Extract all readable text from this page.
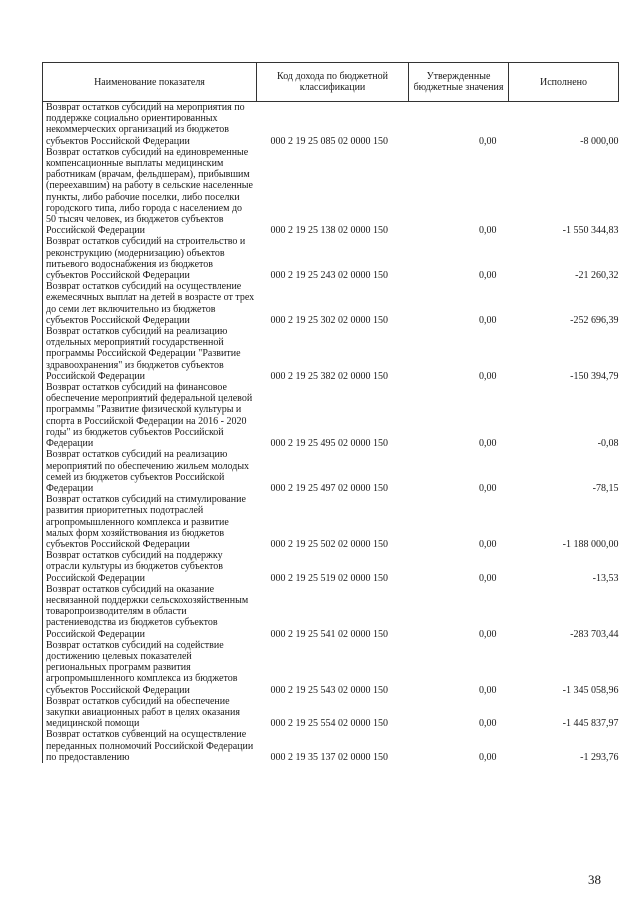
Наименование показателя	Код дохода по бюджетной классификации	Утвержденные бюджетные значения	Исполнено
Возврат остатков субсидий на мероприятия по поддержке социально ориентированных некоммерческих организаций из бюджетов субъектов Российской Федерации	000 2 19 25 085 02 0000 150	0,00	-8 000,00
Возврат остатков субсидий на единовременные компенсационные выплаты медицинским работникам (врачам, фельдшерам), прибывшим (переехавшим) на работу в сельские населенные пункты, либо рабочие поселки, либо поселки городского типа, либо города с населением до 50 тысяч человек, из бюджетов субъектов Российской Федерации	000 2 19 25 138 02 0000 150	0,00	-1 550 344,83
Возврат остатков субсидий на строительство и реконструкцию (модернизацию) объектов питьевого водоснабжения из бюджетов субъектов Российской Федерации	000 2 19 25 243 02 0000 150	0,00	-21 260,32
Возврат остатков субсидий на осуществление ежемесячных выплат на детей в возрасте от трех до семи лет включительно из бюджетов субъектов Российской Федерации	000 2 19 25 302 02 0000 150	0,00	-252 696,39
Возврат остатков субсидий на реализацию отдельных мероприятий государственной программы Российской Федерации "Развитие здравоохранения" из бюджетов субъектов Российской Федерации	000 2 19 25 382 02 0000 150	0,00	-150 394,79
Возврат остатков субсидий на финансовое обеспечение мероприятий федеральной целевой программы "Развитие физической культуры и спорта в Российской Федерации на 2016 - 2020 годы" из бюджетов субъектов Российской Федерации	000 2 19 25 495 02 0000 150	0,00	-0,08
Возврат остатков субсидий на реализацию мероприятий по обеспечению жильем молодых семей из бюджетов субъектов Российской Федерации	000 2 19 25 497 02 0000 150	0,00	-78,15
Возврат остатков субсидий на стимулирование развития приоритетных подотраслей агропромышленного комплекса и развитие малых форм хозяйствования из бюджетов субъектов Российской Федерации	000 2 19 25 502 02 0000 150	0,00	-1 188 000,00
Возврат остатков субсидий на поддержку отрасли культуры из бюджетов субъектов Российской Федерации	000 2 19 25 519 02 0000 150	0,00	-13,53
Возврат остатков субсидий на оказание несвязанной поддержки сельскохозяйственным товаропроизводителям в области растениеводства из бюджетов субъектов Российской Федерации	000 2 19 25 541 02 0000 150	0,00	-283 703,44
Возврат остатков субсидий на содействие достижению целевых показателей региональных программ развития агропромышленного комплекса из бюджетов субъектов Российской Федерации	000 2 19 25 543 02 0000 150	0,00	-1 345 058,96
Возврат остатков субсидий на обеспечение закупки авиационных работ в целях оказания медицинской помощи	000 2 19 25 554 02 0000 150	0,00	-1 445 837,97
Возврат остатков субвенций на осуществление переданных полномочий Российской Федерации по предоставлению	000 2 19 35 137 02 0000 150	0,00	-1 293,76
38
